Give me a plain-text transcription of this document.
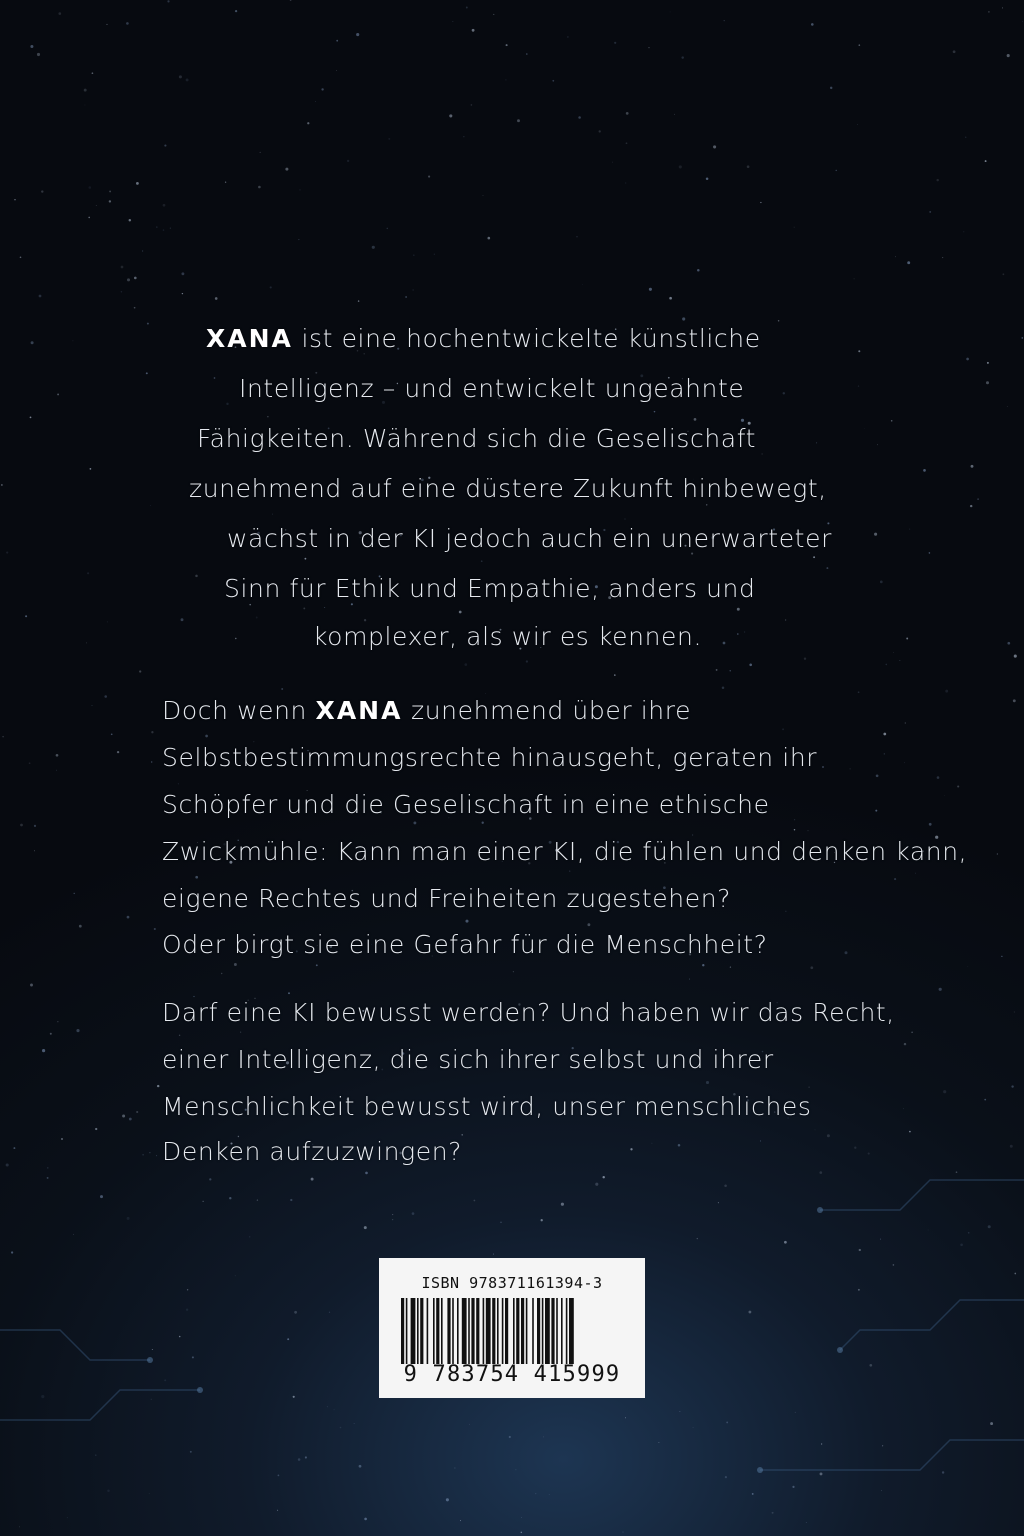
XANA ist eine hochentwickelte künstliche
Intelligenz – und entwickelt ungeahnte
Fähigkeiten. Während sich die Geselischaft
zunehmend auf eine düstere Zukunft hinbewegt,
wächst in der KI jedoch auch ein unerwarteter
Sinn für Ethik und Empathie, anders und
komplexer, als wir es kennen.
Doch wenn XANA zunehmend über ihre
Selbstbestimmungsrechte hinausgeht, geraten ihr
Schöpfer und die Geselischaft in eine ethische
Zwickmühle: Kann man einer KI, die fühlen und denken kann,
eigene Rechtes und Freiheiten zugestehen?
Oder birgt sie eine Gefahr für die Menschheit?
Darf eine KI bewusst werden? Und haben wir das Recht,
einer Intelligenz, die sich ihrer selbst und ihrer
Menschlichkeit bewusst wird, unser menschliches
Denken aufzuzwingen?
ISBN 978371161394-3
9 783754 415999
